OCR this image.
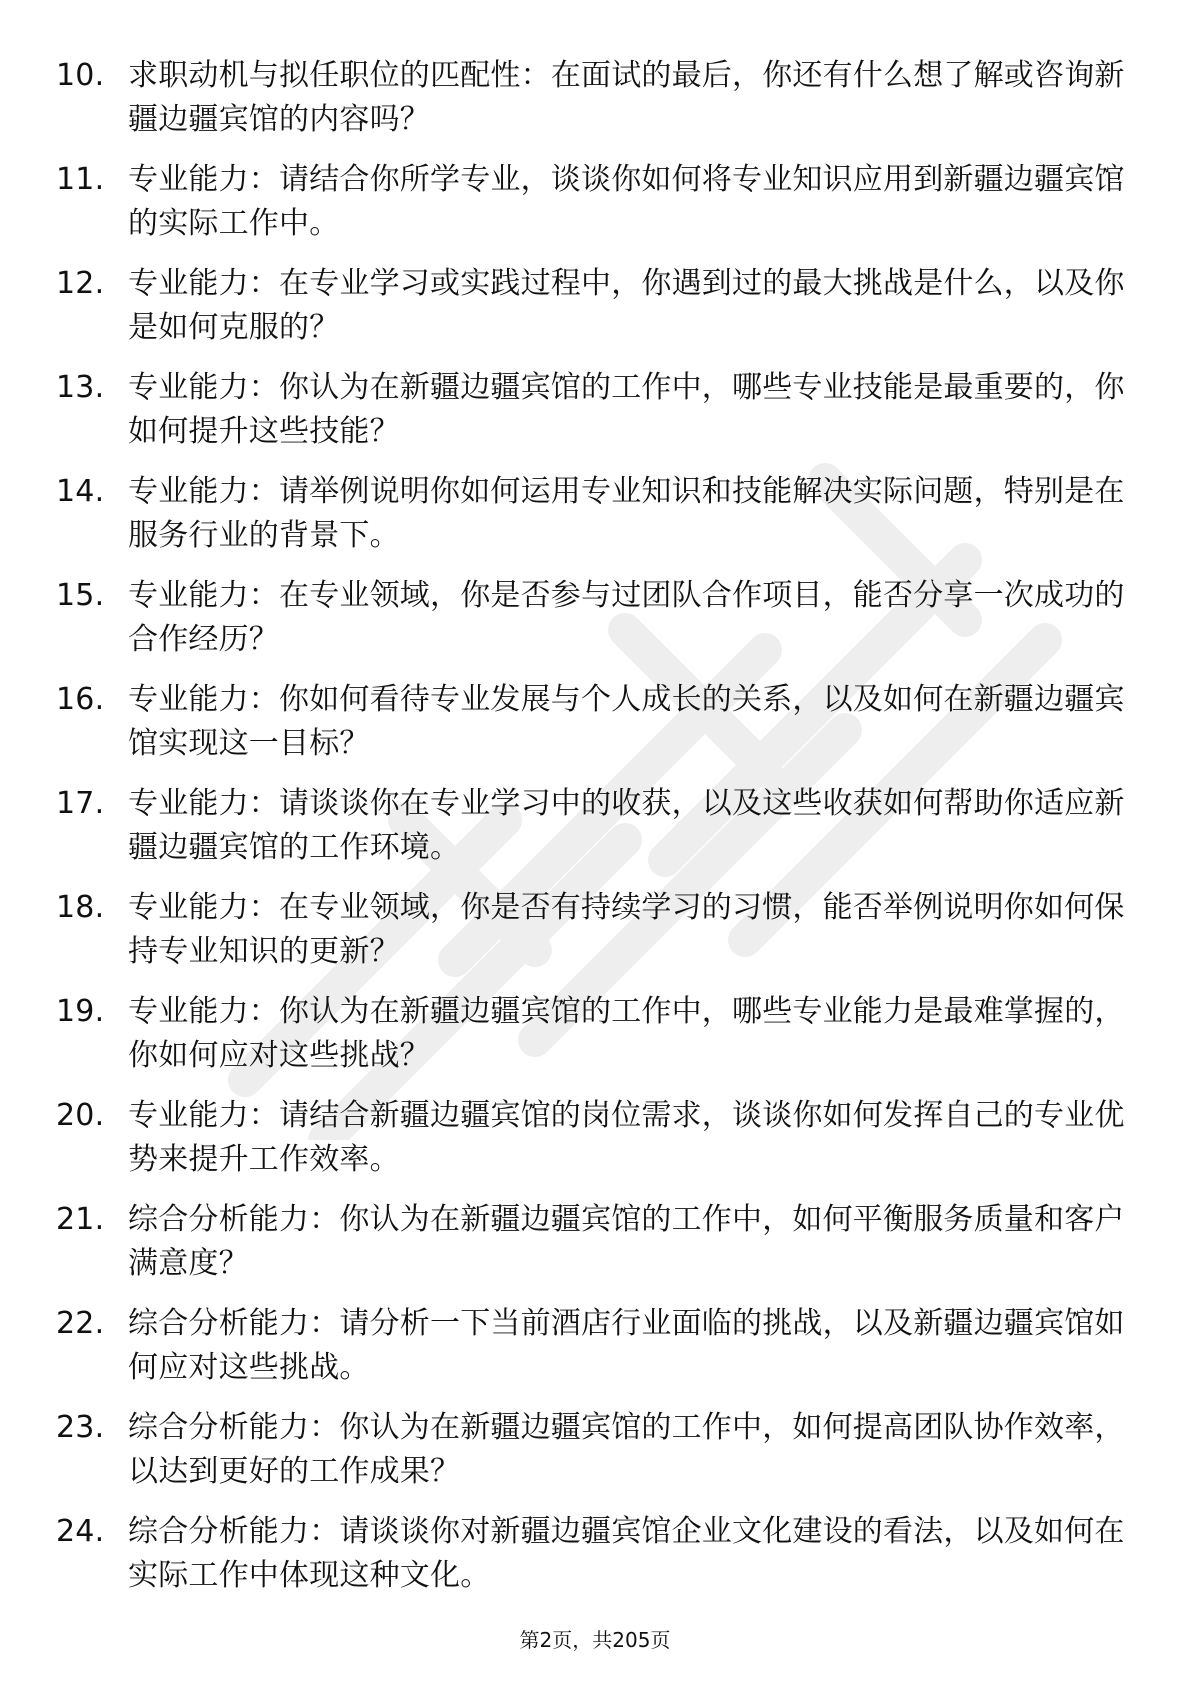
10. 求职动机与拟任职位的匹配性：在面试的最后，你还有什么想了解或咨询新疆边疆宾馆的内容吗？
11. 专业能力：请结合你所学专业，谈谈你如何将专业知识应用到新疆边疆宾馆的实际工作中。
12. 专业能力：在专业学习或实践过程中，你遇到过的最大挑战是什么，以及你是如何克服的？
13. 专业能力：你认为在新疆边疆宾馆的工作中，哪些专业技能是最重要的，你如何提升这些技能？
14. 专业能力：请举例说明你如何运用专业知识和技能解决实际问题，特别是在服务行业的背景下。
15. 专业能力：在专业领域，你是否参与过团队合作项目，能否分享一次成功的合作经历？
16. 专业能力：你如何看待专业发展与个人成长的关系，以及如何在新疆边疆宾馆实现这一目标？
17. 专业能力：请谈谈你在专业学习中的收获，以及这些收获如何帮助你适应新疆边疆宾馆的工作环境。
18. 专业能力：在专业领域，你是否有持续学习的习惯，能否举例说明你如何保持专业知识的更新？
19. 专业能力：你认为在新疆边疆宾馆的工作中，哪些专业能力是最难掌握的，你如何应对这些挑战？
20. 专业能力：请结合新疆边疆宾馆的岗位需求，谈谈你如何发挥自己的专业优势来提升工作效率。
21. 综合分析能力：你认为在新疆边疆宾馆的工作中，如何平衡服务质量和客户满意度？
22. 综合分析能力：请分析一下当前酒店行业面临的挑战，以及新疆边疆宾馆如何应对这些挑战。
23. 综合分析能力：你认为在新疆边疆宾馆的工作中，如何提高团队协作效率，以达到更好的工作成果？
24. 综合分析能力：请谈谈你对新疆边疆宾馆企业文化建设的看法，以及如何在实际工作中体现这种文化。
第2页，共205页
